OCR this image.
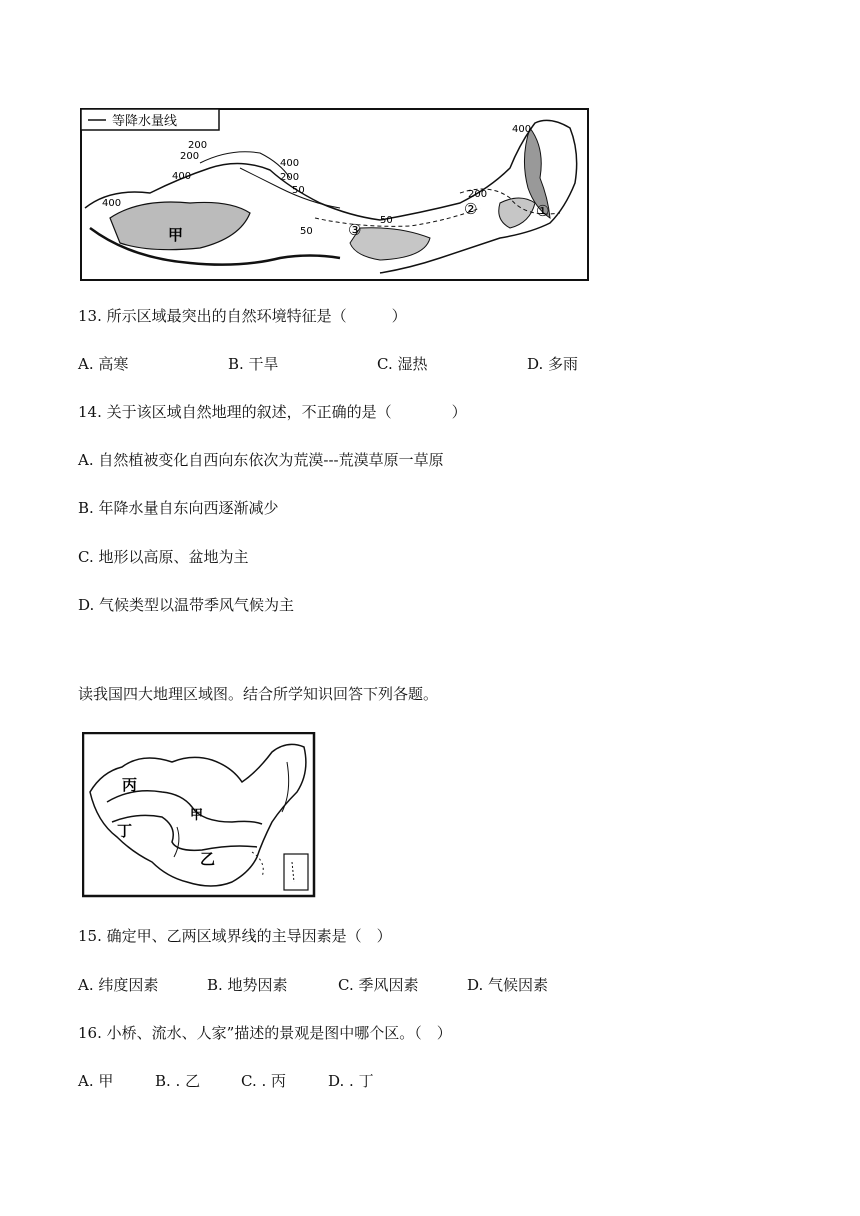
等降水量线
400
400
200
200
400
200
50
50
50
200
400
甲
①
②
③
13. 所示区域最突出的自然环境特征是（　　　）
A. 高寒	B. 干旱	C. 湿热	D. 多雨
14. 关于该区域自然地理的叙述，不正确的是（　　　　）
A. 自然植被变化自西向东依次为荒漠---荒漠草原一草原
B. 年降水量自东向西逐渐减少
C. 地形以高原、盆地为主
D. 气候类型以温带季风气候为主
读我国四大地理区域图。结合所学知识回答下列各题。
丙
甲
丁
乙
15. 确定甲、乙两区域界线的主导因素是（　）
A. 纬度因素	B. 地势因素	C. 季风因素	D. 气候因素
16. 小桥、流水、人家”描述的景观是图中哪个区。（　）
A. 甲	B. . 乙	C. . 丙	D. . 丁
